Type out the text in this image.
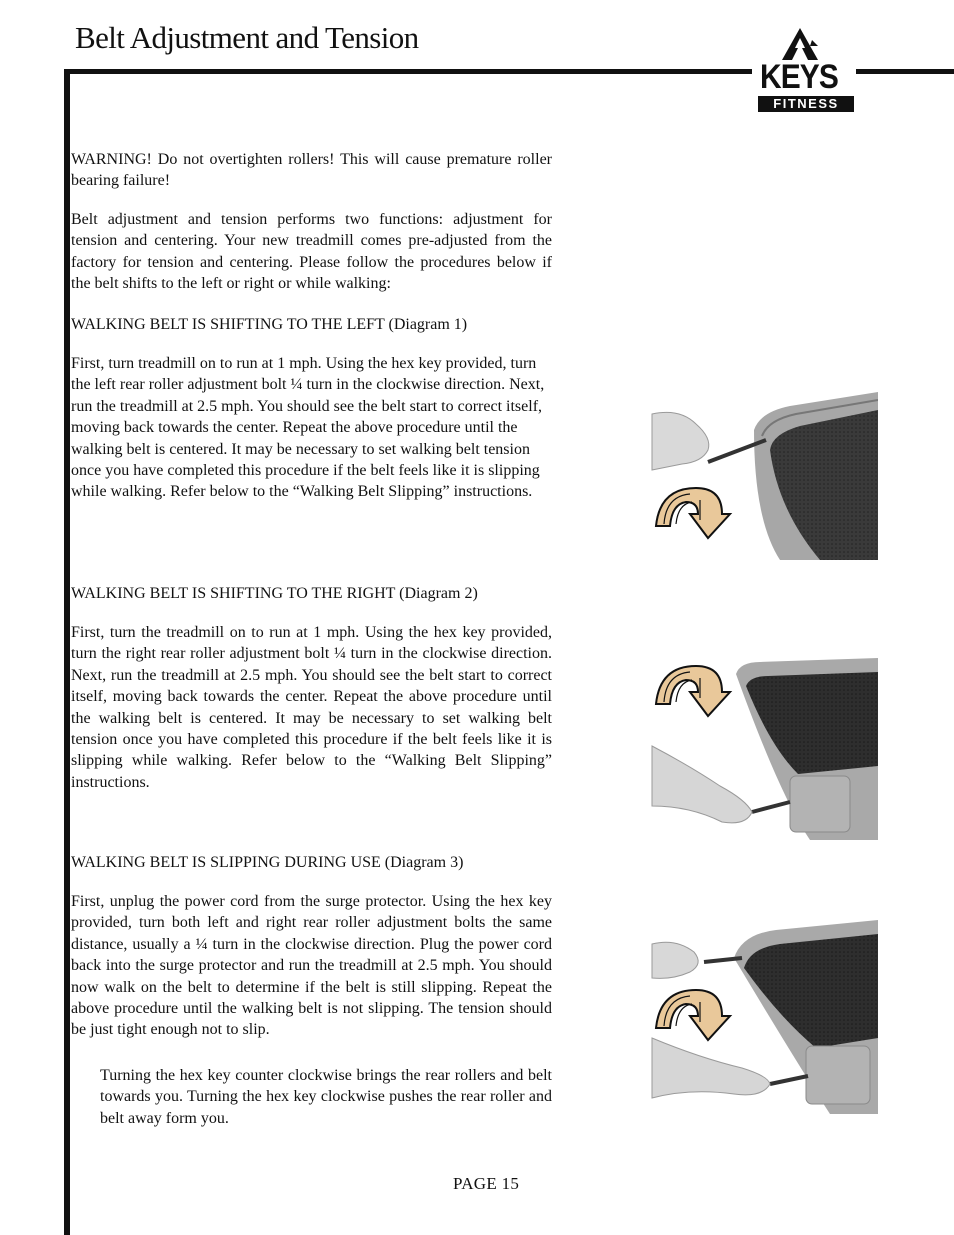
Belt Adjustment and Tension
KEYS
FITNESS
WARNING! Do not overtighten rollers! This will cause premature roller bearing failure!
Belt adjustment and tension performs two functions: adjustment for tension and centering. Your new treadmill comes pre-adjusted from the factory for tension and centering. Please follow the procedures below if the belt shifts to the left or right or while walking:
WALKING BELT IS SHIFTING TO THE LEFT (Diagram 1)
First, turn treadmill on to run at 1 mph. Using the hex key provided, turn the left rear roller adjustment bolt ¼ turn in the clockwise direction. Next, run the treadmill at 2.5 mph. You should see the belt start to correct itself, moving back towards the center. Repeat the above procedure until the walking belt is centered. It may be necessary to set walking belt tension once you have completed this procedure if the belt feels like it is slipping while walking. Refer below to the “Walking Belt Slipping” instructions.
WALKING BELT IS SHIFTING TO THE RIGHT (Diagram 2)
First, turn the treadmill on to run at 1 mph. Using the hex key provided, turn the right rear roller adjustment bolt ¼ turn in the clockwise direction. Next, run the treadmill at 2.5 mph. You should see the belt start to correct itself, moving back towards the center. Repeat the above procedure until the walking belt is centered. It may be necessary to set walking belt tension once you have completed this procedure if the belt feels like it is slipping while walking. Refer below to the “Walking Belt Slipping” instructions.
WALKING BELT IS SLIPPING DURING USE (Diagram 3)
First, unplug the power cord from the surge protector. Using the hex key provided, turn both left and right rear roller adjustment bolts the same distance, usually a ¼ turn in the clockwise direction. Plug the power cord back into the surge protector and run the treadmill at 2.5 mph. You should now walk on the belt to determine if the belt is still slipping. Repeat the above procedure until the walking belt is not slipping. The tension should be just tight enough not to slip.
Turning the hex key counter clockwise brings the rear rollers and belt towards you. Turning the hex key clockwise pushes the rear roller and belt away form you.
PAGE 15
